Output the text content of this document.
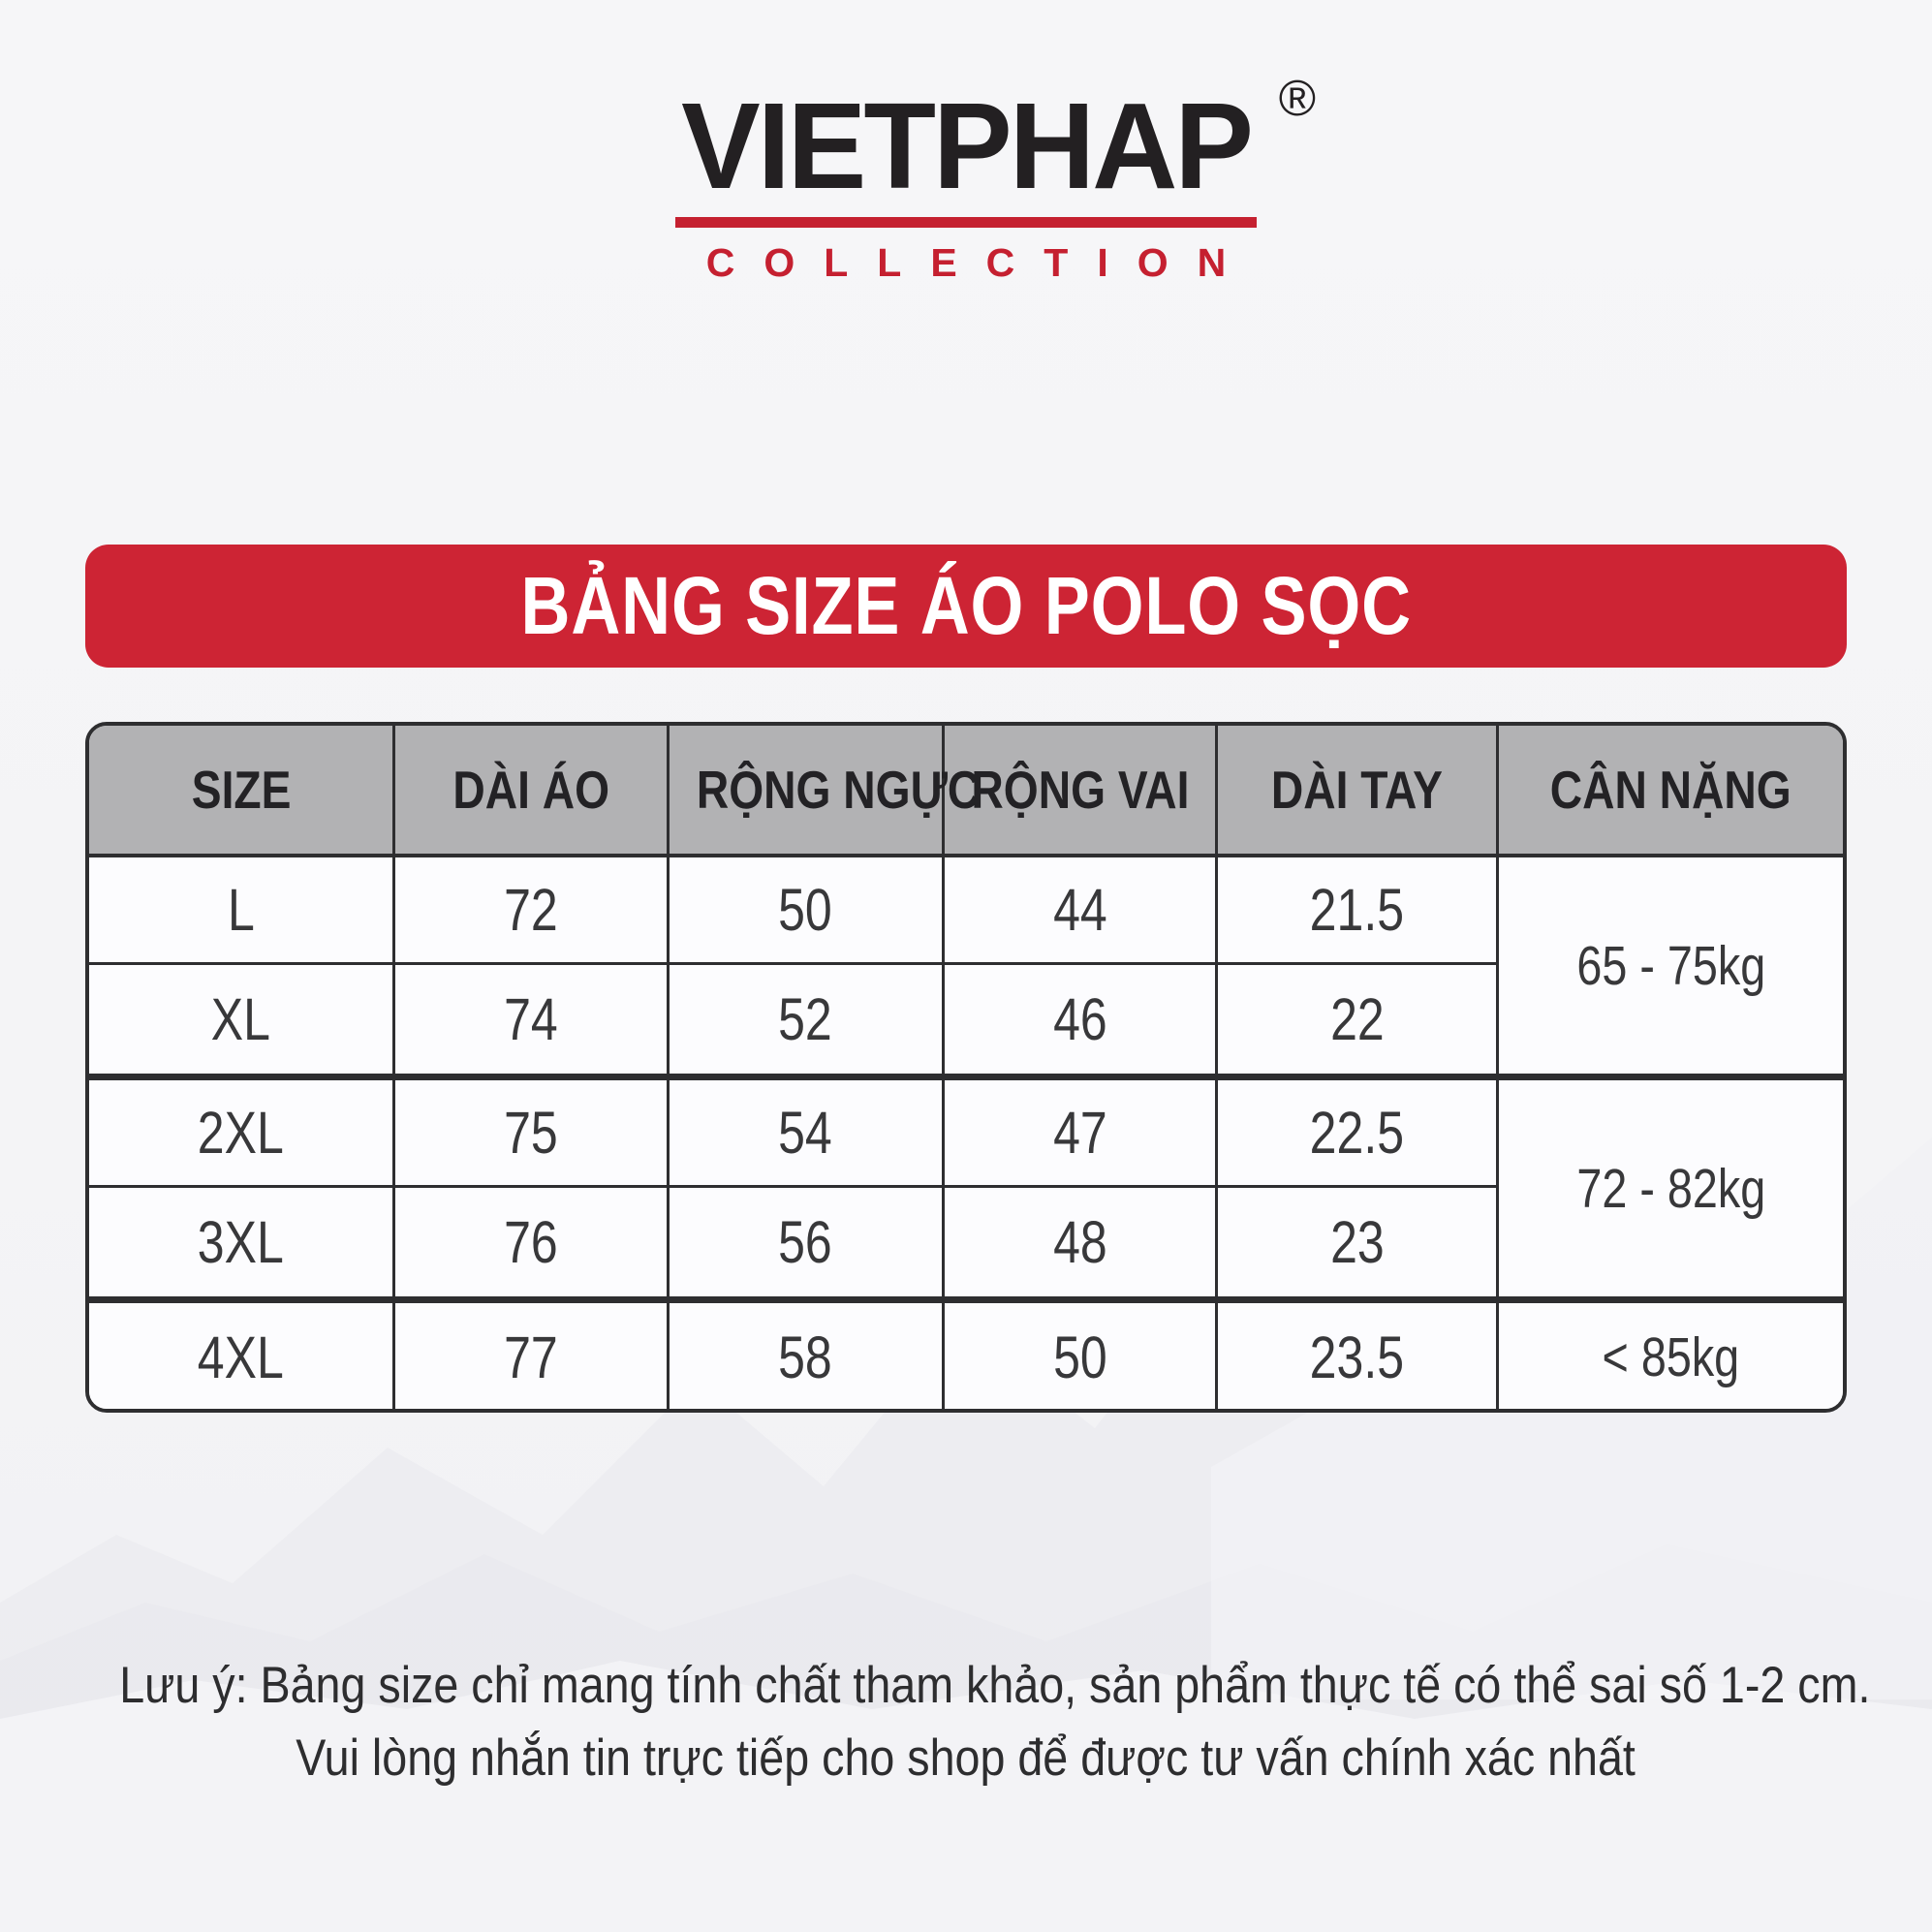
VIETPHAP ®
COLLECTION
BẢNG SIZE ÁO POLO SỌC
SIZE	DÀI ÁO	RỘNG NGỰC	RỘNG VAI	DÀI TAY	CÂN NẶNG
L	72	50	44	21.5	65 - 75kg
XL	74	52	46	22	
2XL	75	54	47	22.5	72 - 82kg
3XL	76	56	48	23	
4XL	77	58	50	23.5	< 85kg
Lưu ý: Bảng size chỉ mang tính chất tham khảo, sản phẩm thực tế có thể sai số 1-2 cm.
Vui lòng nhắn tin trực tiếp cho shop để được tư vấn chính xác nhất
